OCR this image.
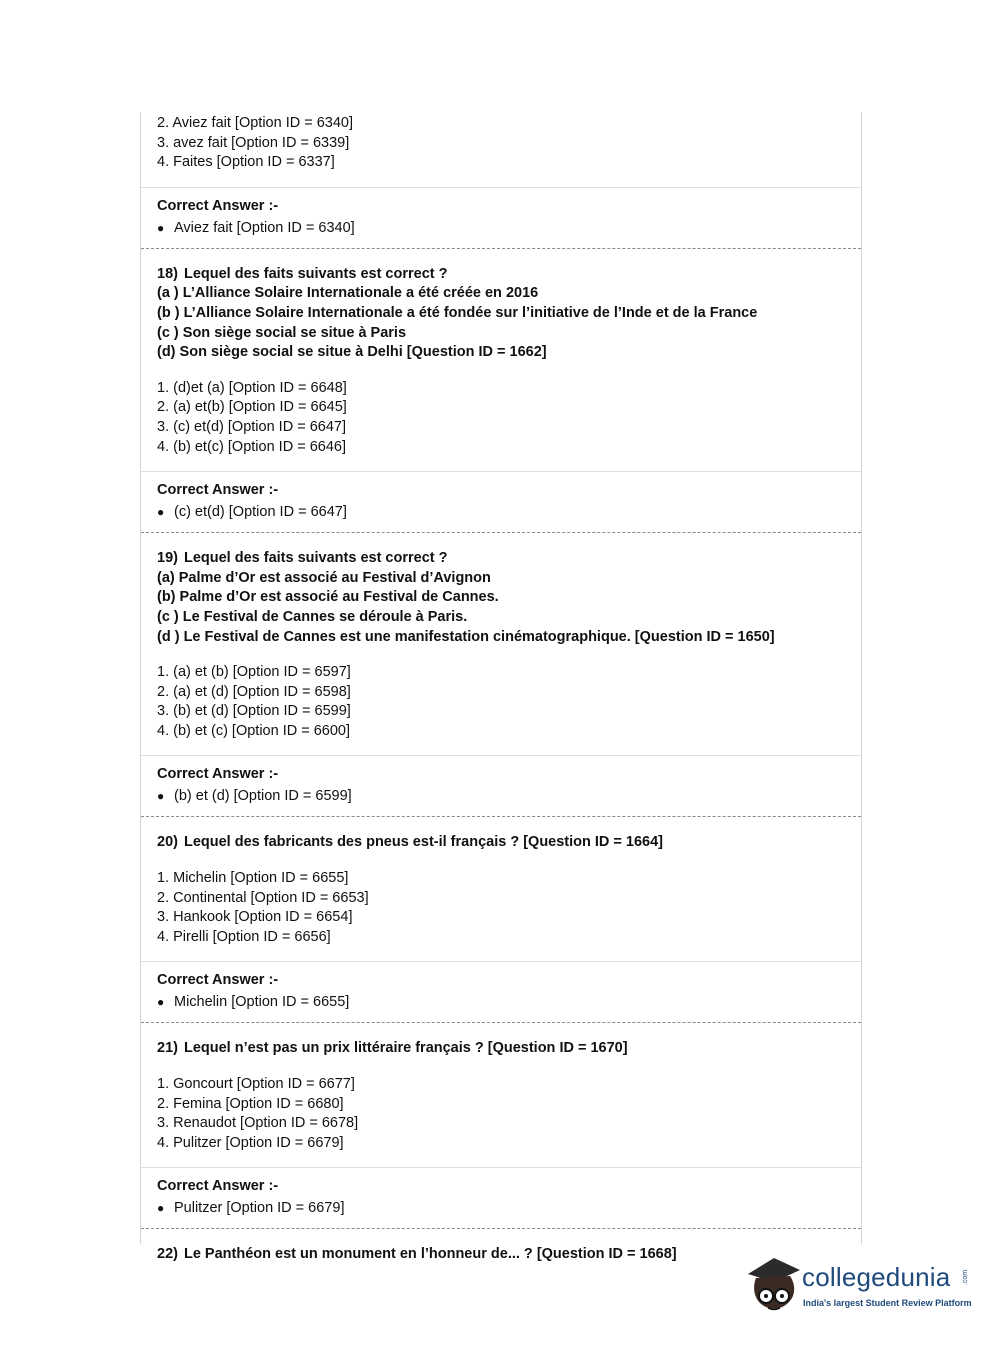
2. Aviez fait [Option ID = 6340]
3. avez fait [Option ID = 6339]
4. Faites [Option ID = 6337]
Correct Answer :-
● Aviez fait [Option ID = 6340]
18) Lequel des faits suivants est correct ?
(a ) L’Alliance Solaire Internationale a été créée en 2016
(b ) L’Alliance Solaire Internationale a été fondée sur l’initiative de l’Inde et de la France
(c ) Son siège social se situe à Paris
(d) Son siège social se situe à Delhi [Question ID = 1662]
1. (d)et (a) [Option ID = 6648]
2. (a) et(b) [Option ID = 6645]
3. (c) et(d) [Option ID = 6647]
4. (b) et(c) [Option ID = 6646]
Correct Answer :-
● (c) et(d) [Option ID = 6647]
19) Lequel des faits suivants est correct ?
(a) Palme d’Or est associé au Festival d’Avignon
(b) Palme d’Or est associé au Festival de Cannes.
(c ) Le Festival de Cannes se déroule à Paris.
(d ) Le Festival de Cannes est une manifestation cinématographique. [Question ID = 1650]
1. (a) et (b) [Option ID = 6597]
2. (a) et (d) [Option ID = 6598]
3. (b) et (d) [Option ID = 6599]
4. (b) et (c) [Option ID = 6600]
Correct Answer :-
● (b) et (d) [Option ID = 6599]
20) Lequel des fabricants des pneus est-il français ? [Question ID = 1664]
1. Michelin [Option ID = 6655]
2. Continental [Option ID = 6653]
3. Hankook [Option ID = 6654]
4. Pirelli [Option ID = 6656]
Correct Answer :-
● Michelin [Option ID = 6655]
21) Lequel n’est pas un prix littéraire français ? [Question ID = 1670]
1. Goncourt [Option ID = 6677]
2. Femina [Option ID = 6680]
3. Renaudot [Option ID = 6678]
4. Pulitzer [Option ID = 6679]
Correct Answer :-
● Pulitzer [Option ID = 6679]
22) Le Panthéon est un monument en l’honneur de... ? [Question ID = 1668]
collegedunia .com
India's largest Student Review Platform
